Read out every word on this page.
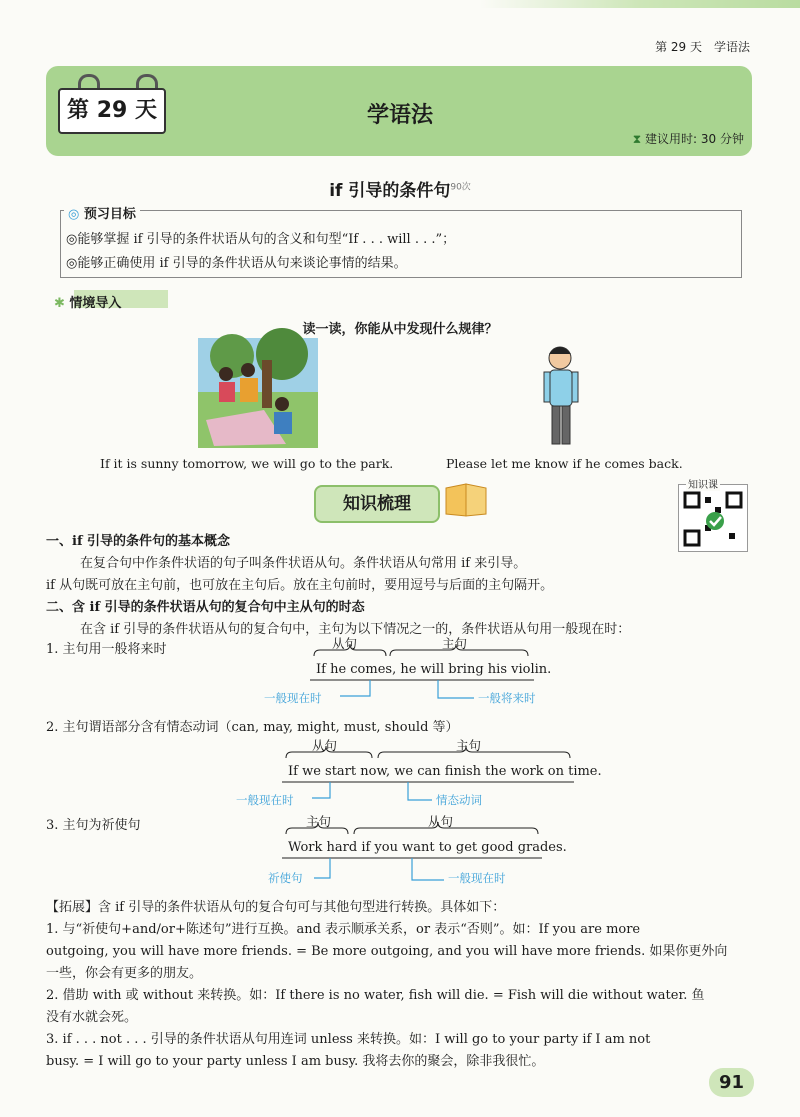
第 29 天　学语法
第 29 天	学语法
⧗ 建议用时: 30 分钟
if 引导的条件句$^{90次}$
◎ 预习目标
◎能够掌握 if 引导的条件状语从句的含义和句型“If . . . will . . .”；
◎能够正确使用 if 引导的条件状语从句来谈论事情的结果。
✱ 情境导入
读一读，你能从中发现什么规律？
If it is sunny tomorrow, we will go to the park.	Please let me know if he comes back.
知识梳理
知识课
一、if 引导的条件句的基本概念
在复合句中作条件状语的句子叫条件状语从句。条件状语从句常用 if 来引导。
if 从句既可放在主句前，也可放在主句后。放在主句前时，要用逗号与后面的主句隔开。
二、含 if 引导的条件状语从句的复合句中主从句的时态
在含 if 引导的条件状语从句的复合句中，主句为以下情况之一的，条件状语从句用一般现在时：
1. 主句用一般将来时	从句	主句
If he comes, he will bring his violin.
一般现在时	一般将来时
2. 主句谓语部分含有情态动词（can, may, might, must, should 等）
从句	主句
If we start now, we can finish the work on time.
一般现在时	情态动词
3. 主句为祈使句	主句	从句
Work hard if you want to get good grades.
祈使句	一般现在时
【拓展】含 if 引导的条件状语从句的复合句可与其他句型进行转换。具体如下：
1. 与“祈使句+and/or+陈述句”进行互换。and 表示顺承关系，or 表示“否则”。如：If you are more
outgoing, you will have more friends. = Be more outgoing, and you will have more friends. 如果你更外向
一些，你会有更多的朋友。
2. 借助 with 或 without 来转换。如：If there is no water, fish will die. = Fish will die without water. 鱼
没有水就会死。
3. if . . . not . . . 引导的条件状语从句用连词 unless 来转换。如：I will go to your party if I am not
busy. = I will go to your party unless I am busy. 我将去你的聚会，除非我很忙。
91
